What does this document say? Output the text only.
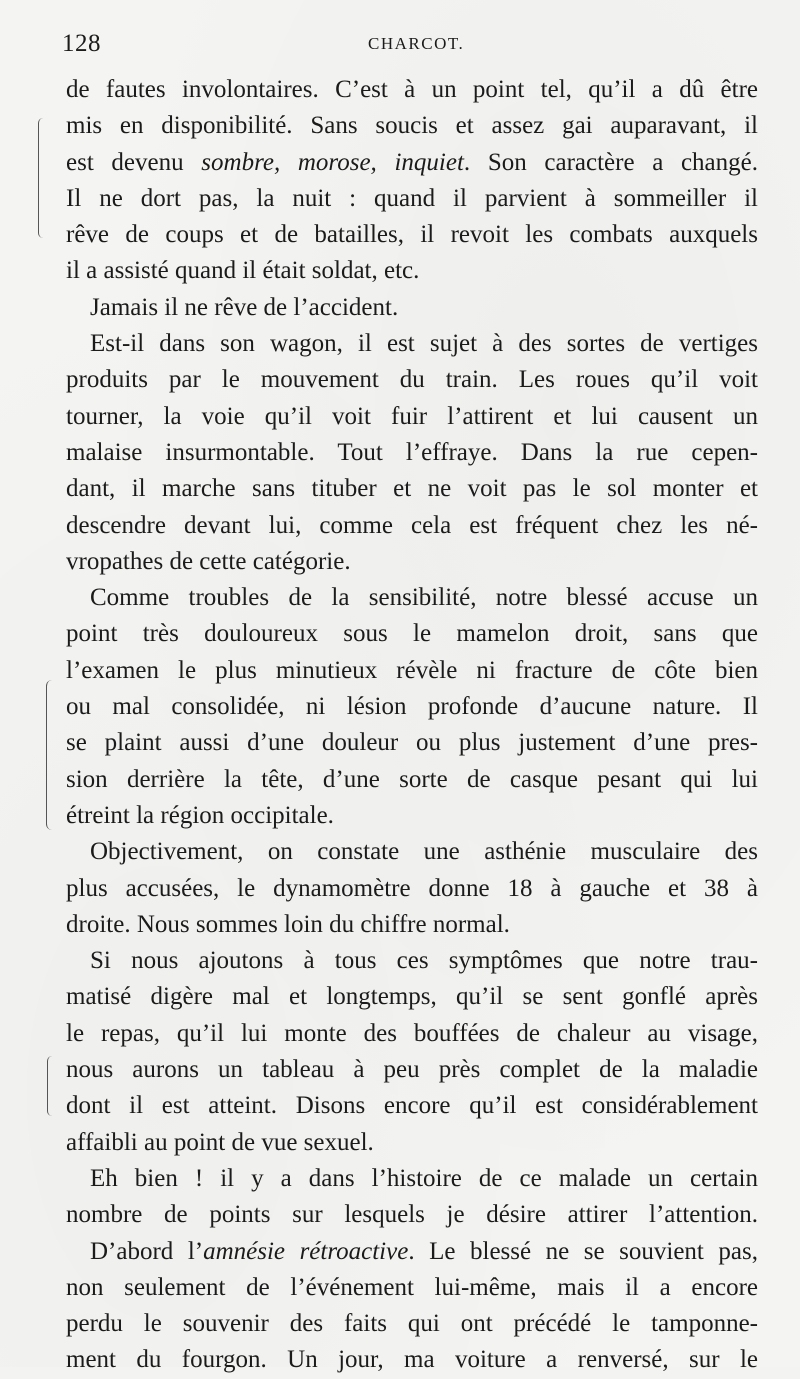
128	CHARCOT.
de fautes involontaires. C’est à un point tel, qu’il a dû être
mis en disponibilité. Sans soucis et assez gai auparavant, il
est devenu sombre, morose, inquiet. Son caractère a changé.
Il ne dort pas, la nuit : quand il parvient à sommeiller il
rêve de coups et de batailles, il revoit les combats auxquels
il a assisté quand il était soldat, etc.
Jamais il ne rêve de l’accident.
Est-il dans son wagon, il est sujet à des sortes de vertiges
produits par le mouvement du train. Les roues qu’il voit
tourner, la voie qu’il voit fuir l’attirent et lui causent un
malaise insurmontable. Tout l’effraye. Dans la rue cepen-
dant, il marche sans tituber et ne voit pas le sol monter et
descendre devant lui, comme cela est fréquent chez les né-
vropathes de cette catégorie.
Comme troubles de la sensibilité, notre blessé accuse un
point très douloureux sous le mamelon droit, sans que
l’examen le plus minutieux révèle ni fracture de côte bien
ou mal consolidée, ni lésion profonde d’aucune nature. Il
se plaint aussi d’une douleur ou plus justement d’une pres-
sion derrière la tête, d’une sorte de casque pesant qui lui
étreint la région occipitale.
Objectivement, on constate une asthénie musculaire des
plus accusées, le dynamomètre donne 18 à gauche et 38 à
droite. Nous sommes loin du chiffre normal.
Si nous ajoutons à tous ces symptômes que notre trau-
matisé digère mal et longtemps, qu’il se sent gonflé après
le repas, qu’il lui monte des bouffées de chaleur au visage,
nous aurons un tableau à peu près complet de la maladie
dont il est atteint. Disons encore qu’il est considérablement
affaibli au point de vue sexuel.
Eh bien ! il y a dans l’histoire de ce malade un certain
nombre de points sur lesquels je désire attirer l’attention.
D’abord l’amnésie rétroactive. Le blessé ne se souvient pas,
non seulement de l’événement lui-même, mais il a encore
perdu le souvenir des faits qui ont précédé le tamponne-
ment du fourgon. Un jour, ma voiture a renversé, sur le
